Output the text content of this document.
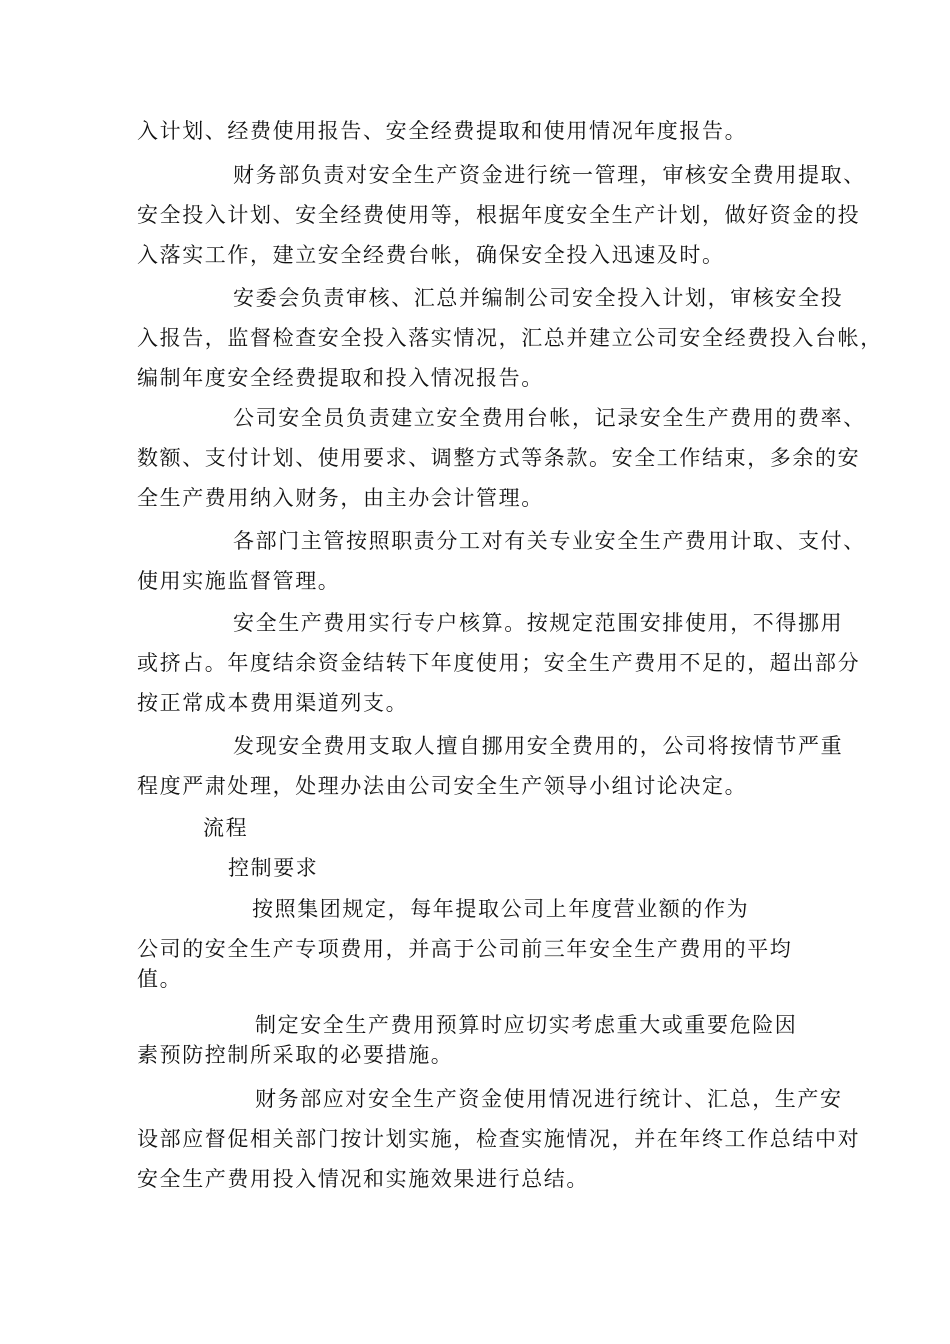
入计划、经费使用报告、安全经费提取和使用情况年度报告。
财务部负责对安全生产资金进行统一管理，审核安全费用提取、
安全投入计划、安全经费使用等，根据年度安全生产计划，做好资金的投
入落实工作，建立安全经费台帐，确保安全投入迅速及时。
安委会负责审核、汇总并编制公司安全投入计划，审核安全投
入报告，监督检查安全投入落实情况，汇总并建立公司安全经费投入台帐，
编制年度安全经费提取和投入情况报告。
公司安全员负责建立安全费用台帐，记录安全生产费用的费率、
数额、支付计划、使用要求、调整方式等条款。安全工作结束，多余的安
全生产费用纳入财务，由主办会计管理。
各部门主管按照职责分工对有关专业安全生产费用计取、支付、
使用实施监督管理。
安全生产费用实行专户核算。按规定范围安排使用，不得挪用
或挤占。年度结余资金结转下年度使用；安全生产费用不足的，超出部分
按正常成本费用渠道列支。
发现安全费用支取人擅自挪用安全费用的，公司将按情节严重
程度严肃处理，处理办法由公司安全生产领导小组讨论决定。
流程
控制要求
按照集团规定，每年提取公司上年度营业额的作为
公司的安全生产专项费用，并高于公司前三年安全生产费用的平均
值。
制定安全生产费用预算时应切实考虑重大或重要危险因
素预防控制所采取的必要措施。
财务部应对安全生产资金使用情况进行统计、汇总，生产安
设部应督促相关部门按计划实施，检查实施情况，并在年终工作总结中对
安全生产费用投入情况和实施效果进行总结。
